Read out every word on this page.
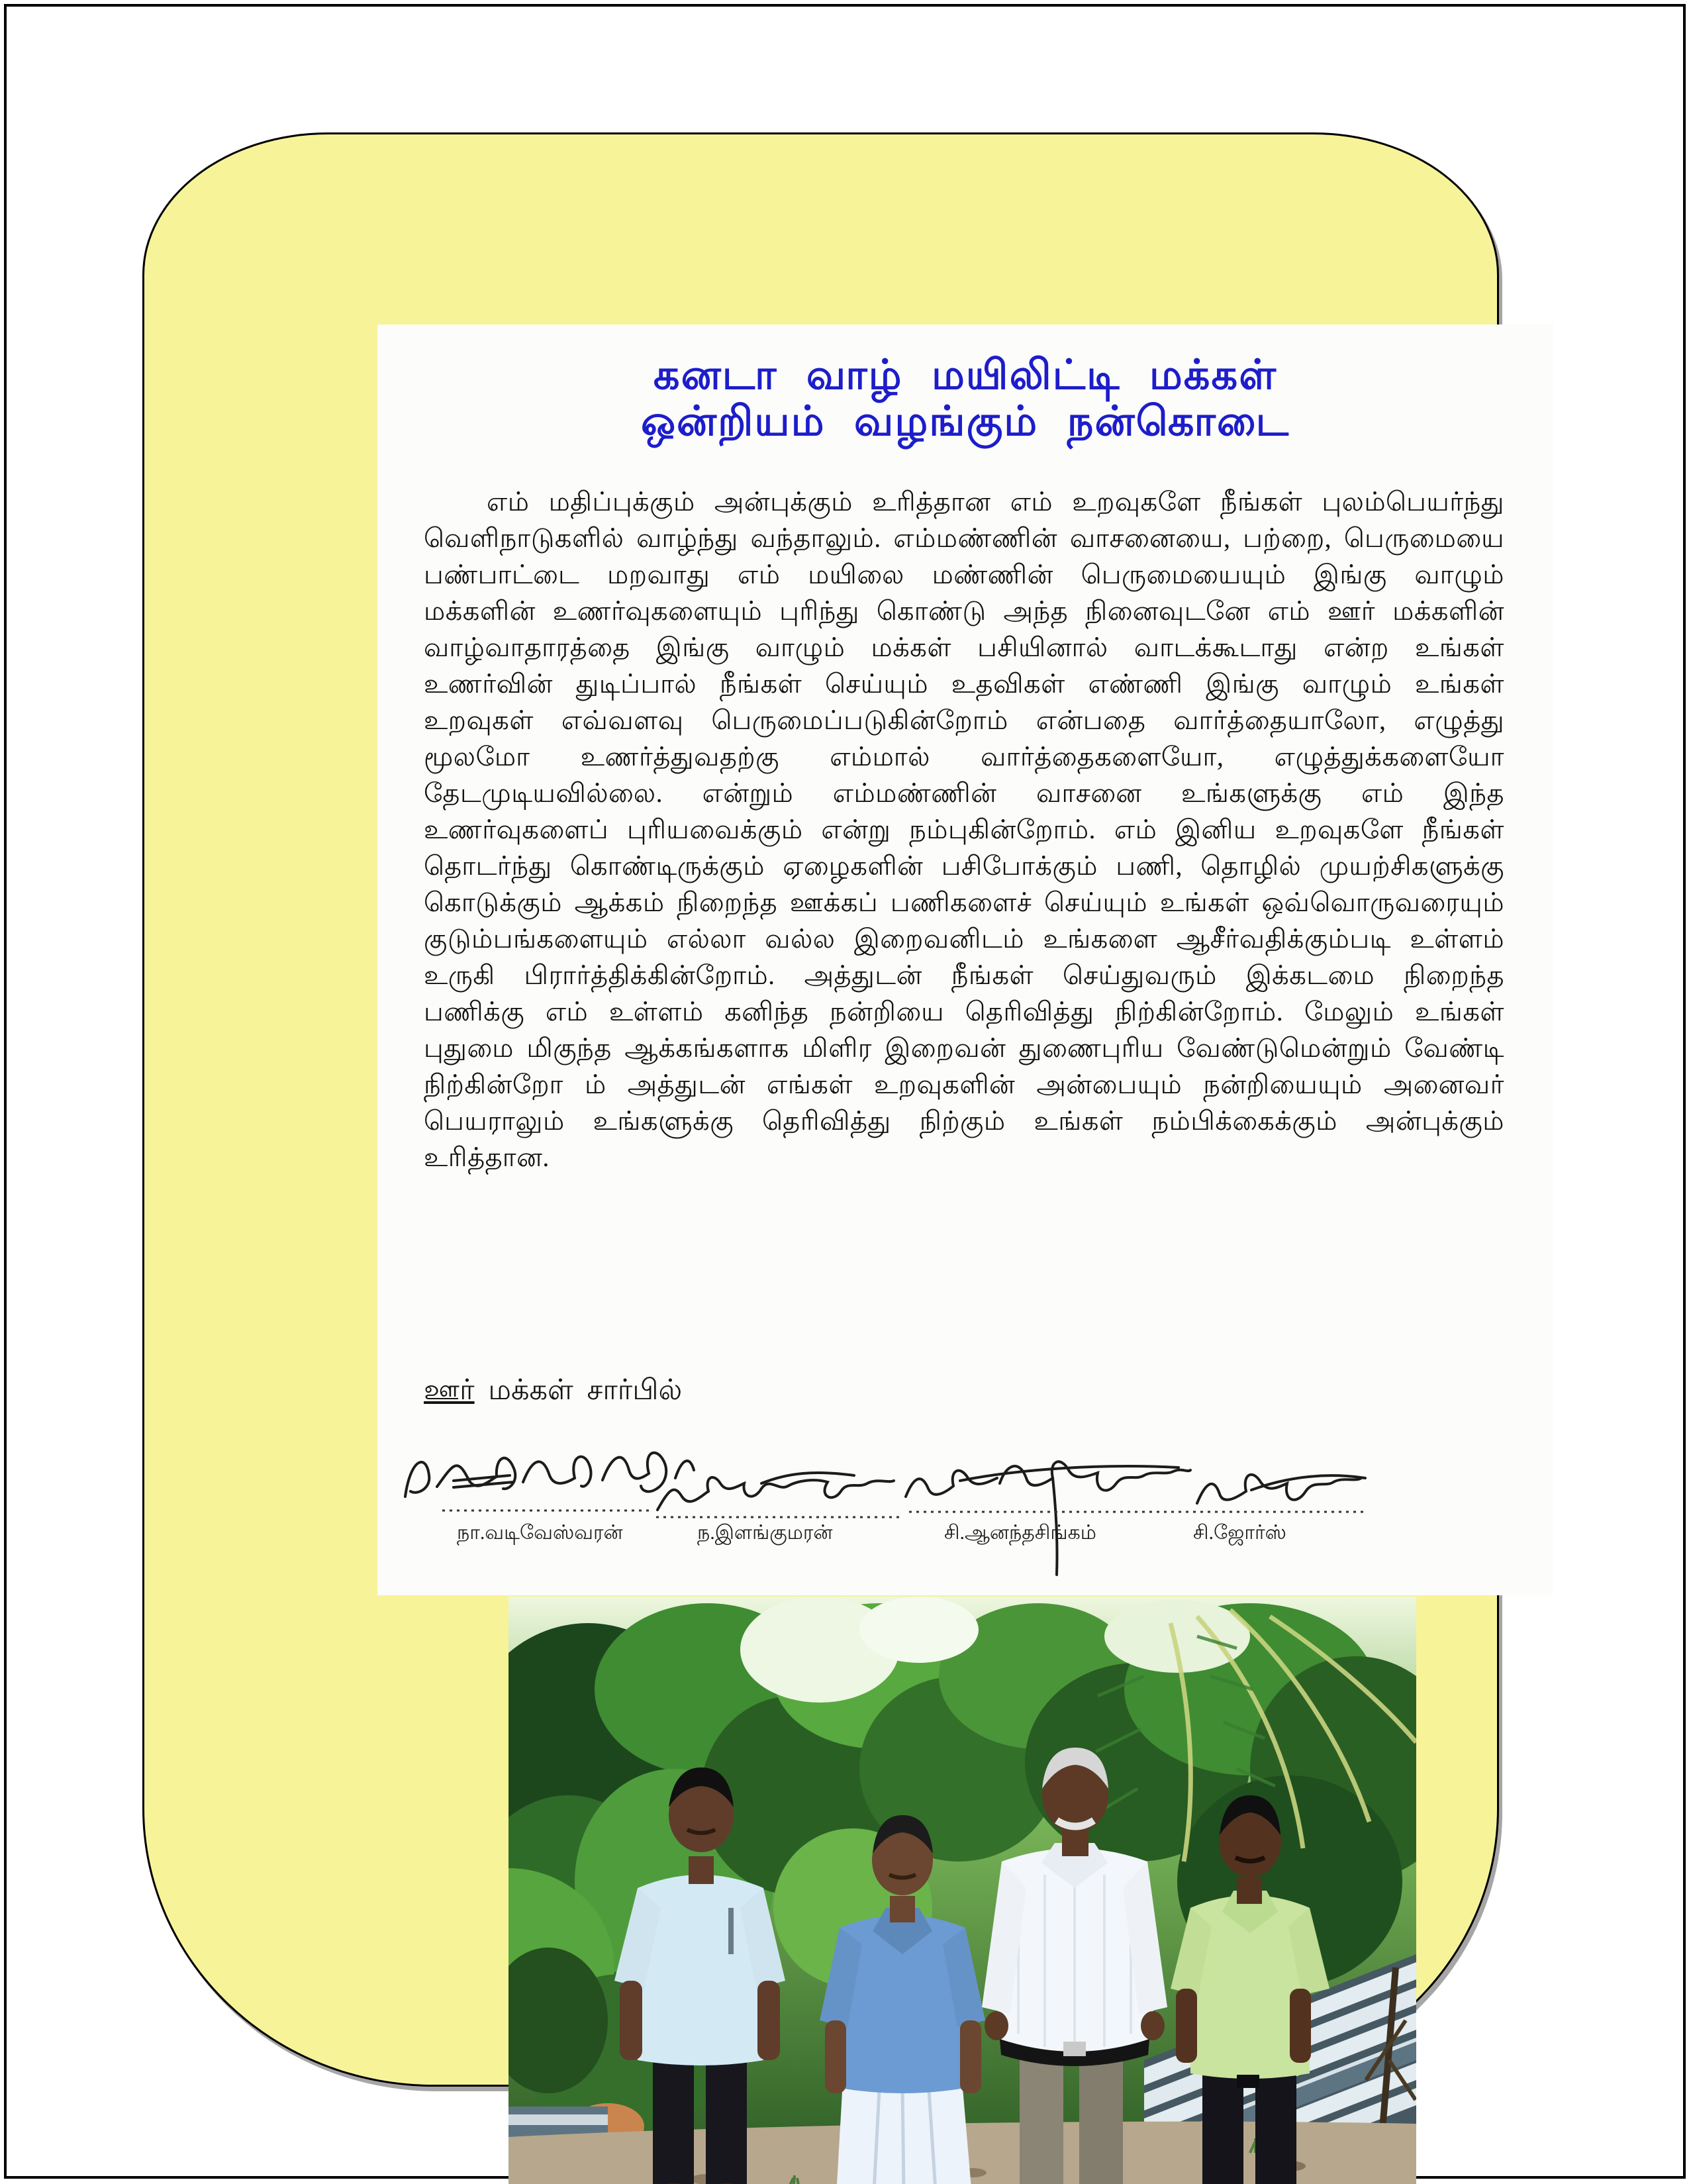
கனடா வாழ் மயிலிட்டி மக்கள்
ஒன்றியம் வழங்கும் நன்கொடை

எம் மதிப்புக்கும் அன்புக்கும் உரித்தான எம் உறவுகளே நீங்கள் புலம்பெயர்ந்து வெளிநாடுகளில் வாழ்ந்து வந்தாலும். எம்மண்ணின் வாசனையை, பற்றை, பெருமையை பண்பாட்டை மறவாது எம் மயிலை மண்ணின் பெருமையையும் இங்கு வாழும் மக்களின் உணர்வுகளையும் புரிந்து கொண்டு அந்த நினைவுடனே எம் ஊர் மக்களின் வாழ்வாதாரத்தை இங்கு வாழும் மக்கள் பசியினால் வாடக்கூடாது என்ற உங்கள் உணர்வின் துடிப்பால் நீங்கள் செய்யும் உதவிகள் எண்ணி இங்கு வாழும் உங்கள் உறவுகள் எவ்வளவு பெருமைப்படுகின்றோம் என்பதை வார்த்தையாலோ, எழுத்து மூலமோ உணர்த்துவதற்கு எம்மால் வார்த்தைகளையோ, எழுத்துக்களையோ தேடமுடியவில்லை. என்றும் எம்மண்ணின் வாசனை உங்களுக்கு எம் இந்த உணர்வுகளைப் புரியவைக்கும் என்று நம்புகின்றோம். எம் இனிய உறவுகளே நீங்கள் தொடர்ந்து கொண்டிருக்கும் ஏழைகளின் பசிபோக்கும் பணி, தொழில் முயற்சிகளுக்கு கொடுக்கும் ஆக்கம் நிறைந்த ஊக்கப் பணிகளைச் செய்யும் உங்கள் ஒவ்வொருவரையும் குடும்பங்களையும் எல்லா வல்ல இறைவனிடம் உங்களை ஆசீர்வதிக்கும்படி உள்ளம் உருகி பிரார்த்திக்கின்றோம். அத்துடன் நீங்கள் செய்துவரும் இக்கடமை நிறைந்த பணிக்கு எம் உள்ளம் கனிந்த நன்றியை தெரிவித்து நிற்கின்றோம். மேலும் உங்கள் புதுமை மிகுந்த ஆக்கங்களாக மிளிர இறைவன் துணைபுரிய வேண்டுமென்றும் வேண்டி நிற்கின்றோ ம் அத்துடன் எங்கள் உறவுகளின் அன்பையும் நன்றியையும் அனைவர் பெயராலும் உங்களுக்கு தெரிவித்து நிற்கும் உங்கள் நம்பிக்கைக்கும் அன்புக்கும் உரித்தான.

ஊர் மக்கள் சார்பில்
நா.வடிவேஸ்வரன்	ந.இளங்குமரன்	சி.ஆனந்தசிங்கம்	சி.ஜோர்ஸ்
